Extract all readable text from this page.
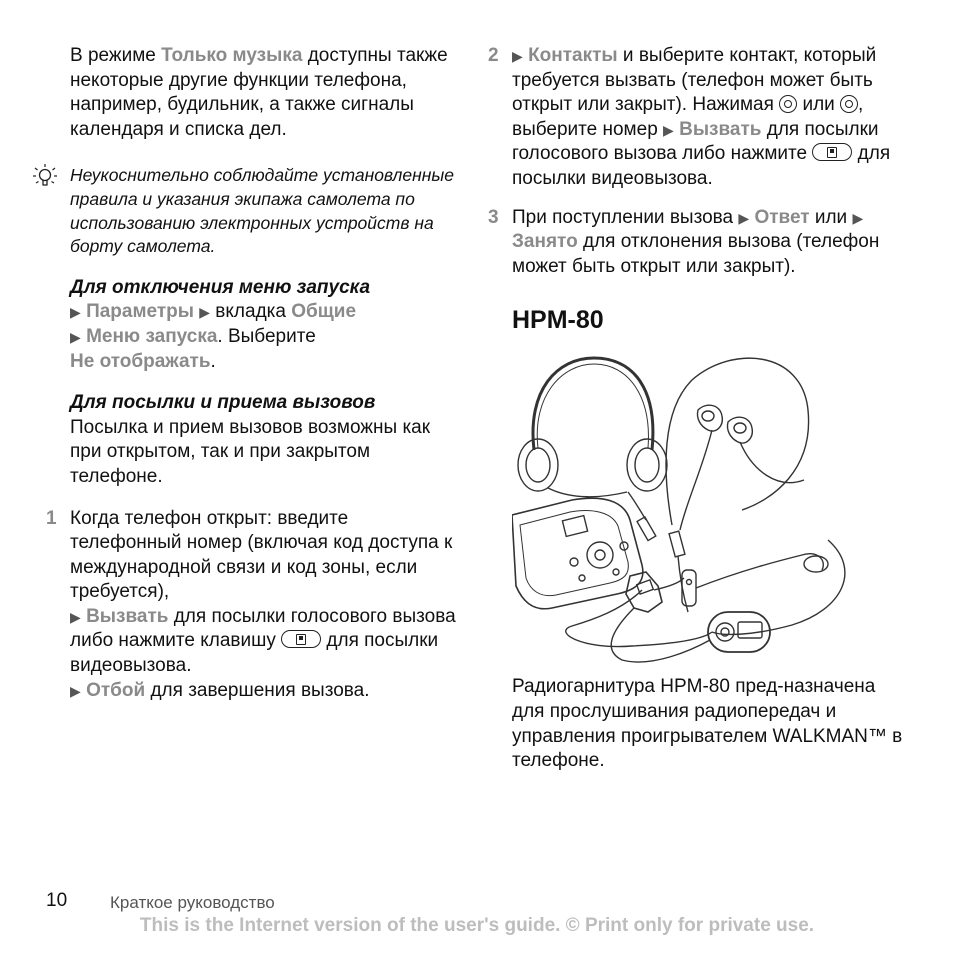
В режиме Только музыка доступны также некоторые другие функции телефона, например, будильник, а также сигналы календаря и списка дел.

Неукоснительно соблюдайте установленные правила и указания экипажа самолета по использованию электронных устройств на борту самолета.

Для отключения меню запуска

▶ Параметры ▶ вкладка Общие

▶ Меню запуска. Выберите

Не отображать.

Для посылки и приема вызовов

Посылка и прием вызовов возможны как при открытом, так и при закрытом телефоне.

1 Когда телефон открыт: введите телефонный номер (включая код доступа к международной связи и код зоны, если требуется),

▶ Вызвать для посылки голосового вызова либо нажмите клавишу  для посылки видеовызова.

▶ Отбой для завершения вызова.

2 ▶ Контакты и выберите контакт, который требуется вызвать (телефон может быть открыт или закрыт). Нажимая  или , выберите номер ▶ Вызвать для посылки голосового вызова либо нажмите  для посылки видеовызова.

3 При поступлении вызова ▶ Ответ или ▶ Занято для отклонения вызова (телефон может быть открыт или закрыт).

HPM-80

Радиогарнитура HPM-80 пред-назначена для прослушивания радиопередач и управления проигрывателем WALKMAN™ в телефоне.

10	Краткое руководство
This is the Internet version of the user's guide. © Print only for private use.
